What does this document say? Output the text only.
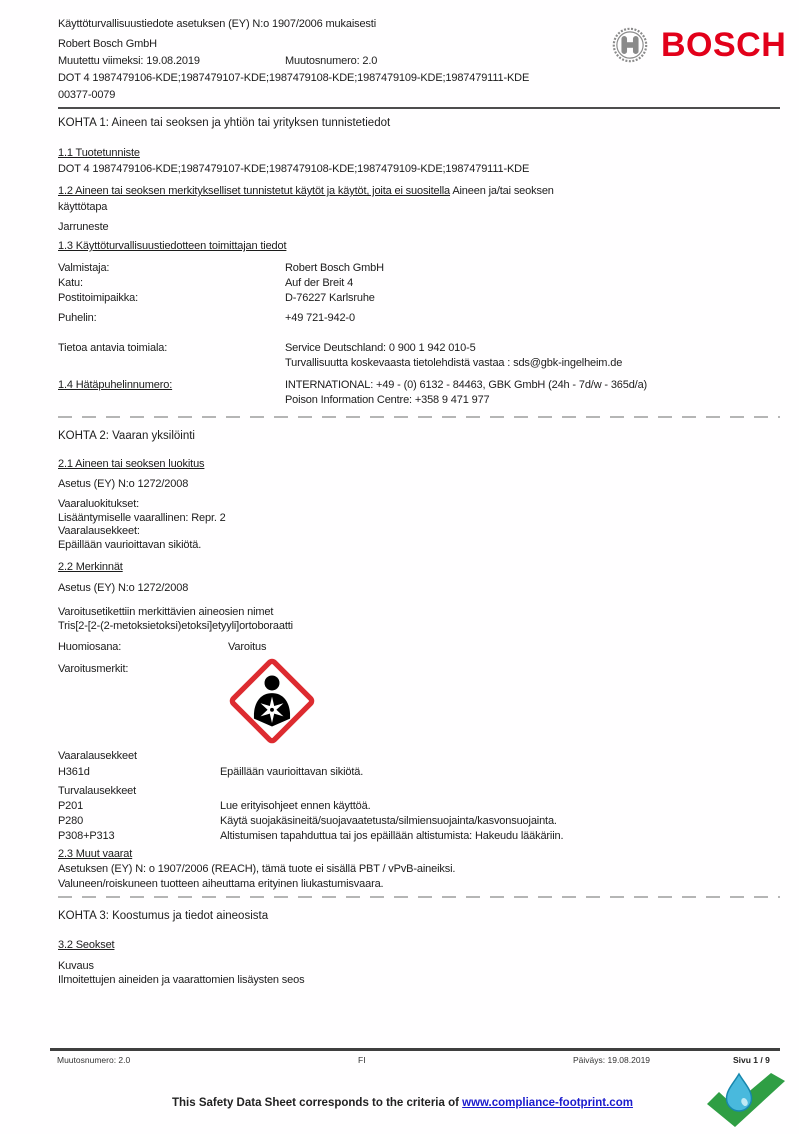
BOSCH
Käyttöturvallisuustiedote asetuksen (EY) N:o 1907/2006 mukaisesti
Robert Bosch GmbH
Muutettu viimeksi: 19.08.2019	Muutosnumero: 2.0
DOT 4 1987479106-KDE;1987479107-KDE;1987479108-KDE;1987479109-KDE;1987479111-KDE
00377-0079
KOHTA 1: Aineen tai seoksen ja yhtiön tai yrityksen tunnistetiedot
1.1 Tuotetunniste
DOT 4 1987479106-KDE;1987479107-KDE;1987479108-KDE;1987479109-KDE;1987479111-KDE
1.2 Aineen tai seoksen merkitykselliset tunnistetut käytöt ja käytöt, joita ei suositella Aineen ja/tai seoksen
käyttötapa
Jarruneste
1.3 Käyttöturvallisuustiedotteen toimittajan tiedot
Valmistaja:	Robert Bosch GmbH
Katu:	Auf der Breit 4
Postitoimipaikka:	D-76227 Karlsruhe
Puhelin:	+49 721-942-0
Tietoa antavia toimiala:	Service Deutschland: 0 900 1 942 010-5
Turvallisuutta koskevaasta tietolehdistä vastaa : sds@gbk-ingelheim.de
1.4 Hätäpuhelinnumero:	INTERNATIONAL: +49 - (0) 6132 - 84463, GBK GmbH (24h - 7d/w - 365d/a)
Poison Information Centre: +358 9 471 977
KOHTA 2: Vaaran yksilöinti
2.1 Aineen tai seoksen luokitus
Asetus (EY) N:o 1272/2008
Vaaraluokitukset:
Lisääntymiselle vaarallinen: Repr. 2
Vaaralausekkeet:
Epäillään vaurioittavan sikiötä.
2.2 Merkinnät
Asetus (EY) N:o 1272/2008
Varoitusetikettiin merkittävien aineosien nimet
Tris[2-[2-(2-metoksietoksi)etoksi]etyyli]ortoboraatti
Huomiosana:	Varoitus
Varoitusmerkit:
Vaaralausekkeet
H361d	Epäillään vaurioittavan sikiötä.
Turvalausekkeet
P201	Lue erityisohjeet ennen käyttöä.
P280	Käytä suojakäsineitä/suojavaatetusta/silmiensuojainta/kasvonsuojainta.
P308+P313	Altistumisen tapahduttua tai jos epäillään altistumista: Hakeudu lääkäriin.
2.3 Muut vaarat
Asetuksen (EY) N: o 1907/2006 (REACH), tämä tuote ei sisällä PBT / vPvB-aineiksi.
Valuneen/roiskuneen tuotteen aiheuttama erityinen liukastumisvaara.
KOHTA 3: Koostumus ja tiedot aineosista
3.2 Seokset
Kuvaus
Ilmoitettujen aineiden ja vaarattomien lisäysten seos
Muutosnumero: 2.0	FI	Päiväys: 19.08.2019	Sivu 1 / 9
This Safety Data Sheet corresponds to the criteria of www.compliance-footprint.com
